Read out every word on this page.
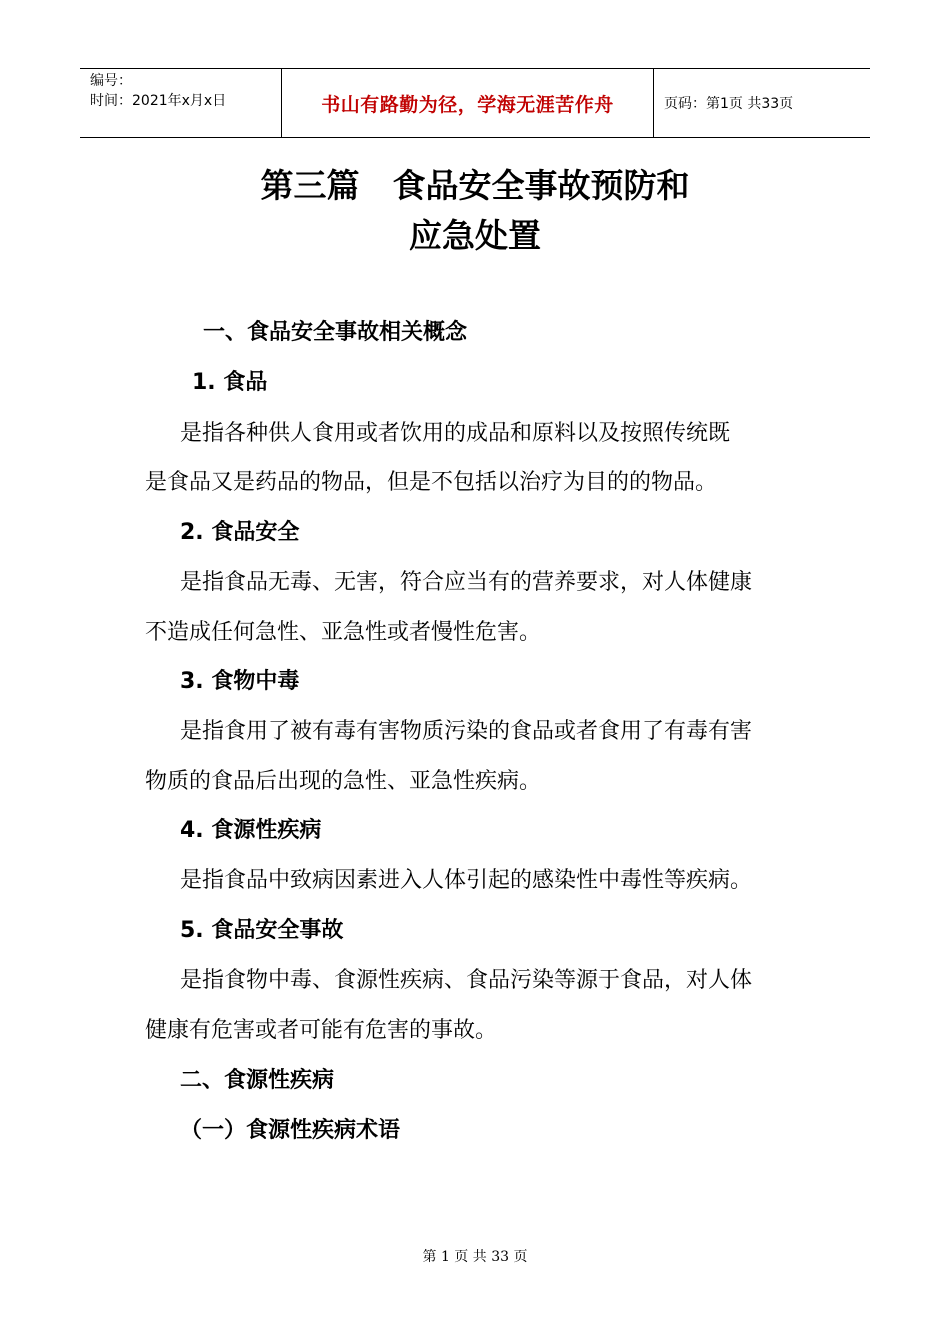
编号：
时间：2021年x月x日	书山有路勤为径，学海无涯苦作舟	页码：第1页 共33页
第三篇　食品安全事故预防和
应急处置
一、食品安全事故相关概念
1. 食品
是指各种供人食用或者饮用的成品和原料以及按照传统既
是食品又是药品的物品，但是不包括以治疗为目的的物品。
2. 食品安全
是指食品无毒、无害，符合应当有的营养要求，对人体健康
不造成任何急性、亚急性或者慢性危害。
3. 食物中毒
是指食用了被有毒有害物质污染的食品或者食用了有毒有害
物质的食品后出现的急性、亚急性疾病。
4. 食源性疾病
是指食品中致病因素进入人体引起的感染性中毒性等疾病。
5. 食品安全事故
是指食物中毒、食源性疾病、食品污染等源于食品，对人体
健康有危害或者可能有危害的事故。
二、食源性疾病
（一）食源性疾病术语
第 1 页 共 33 页
